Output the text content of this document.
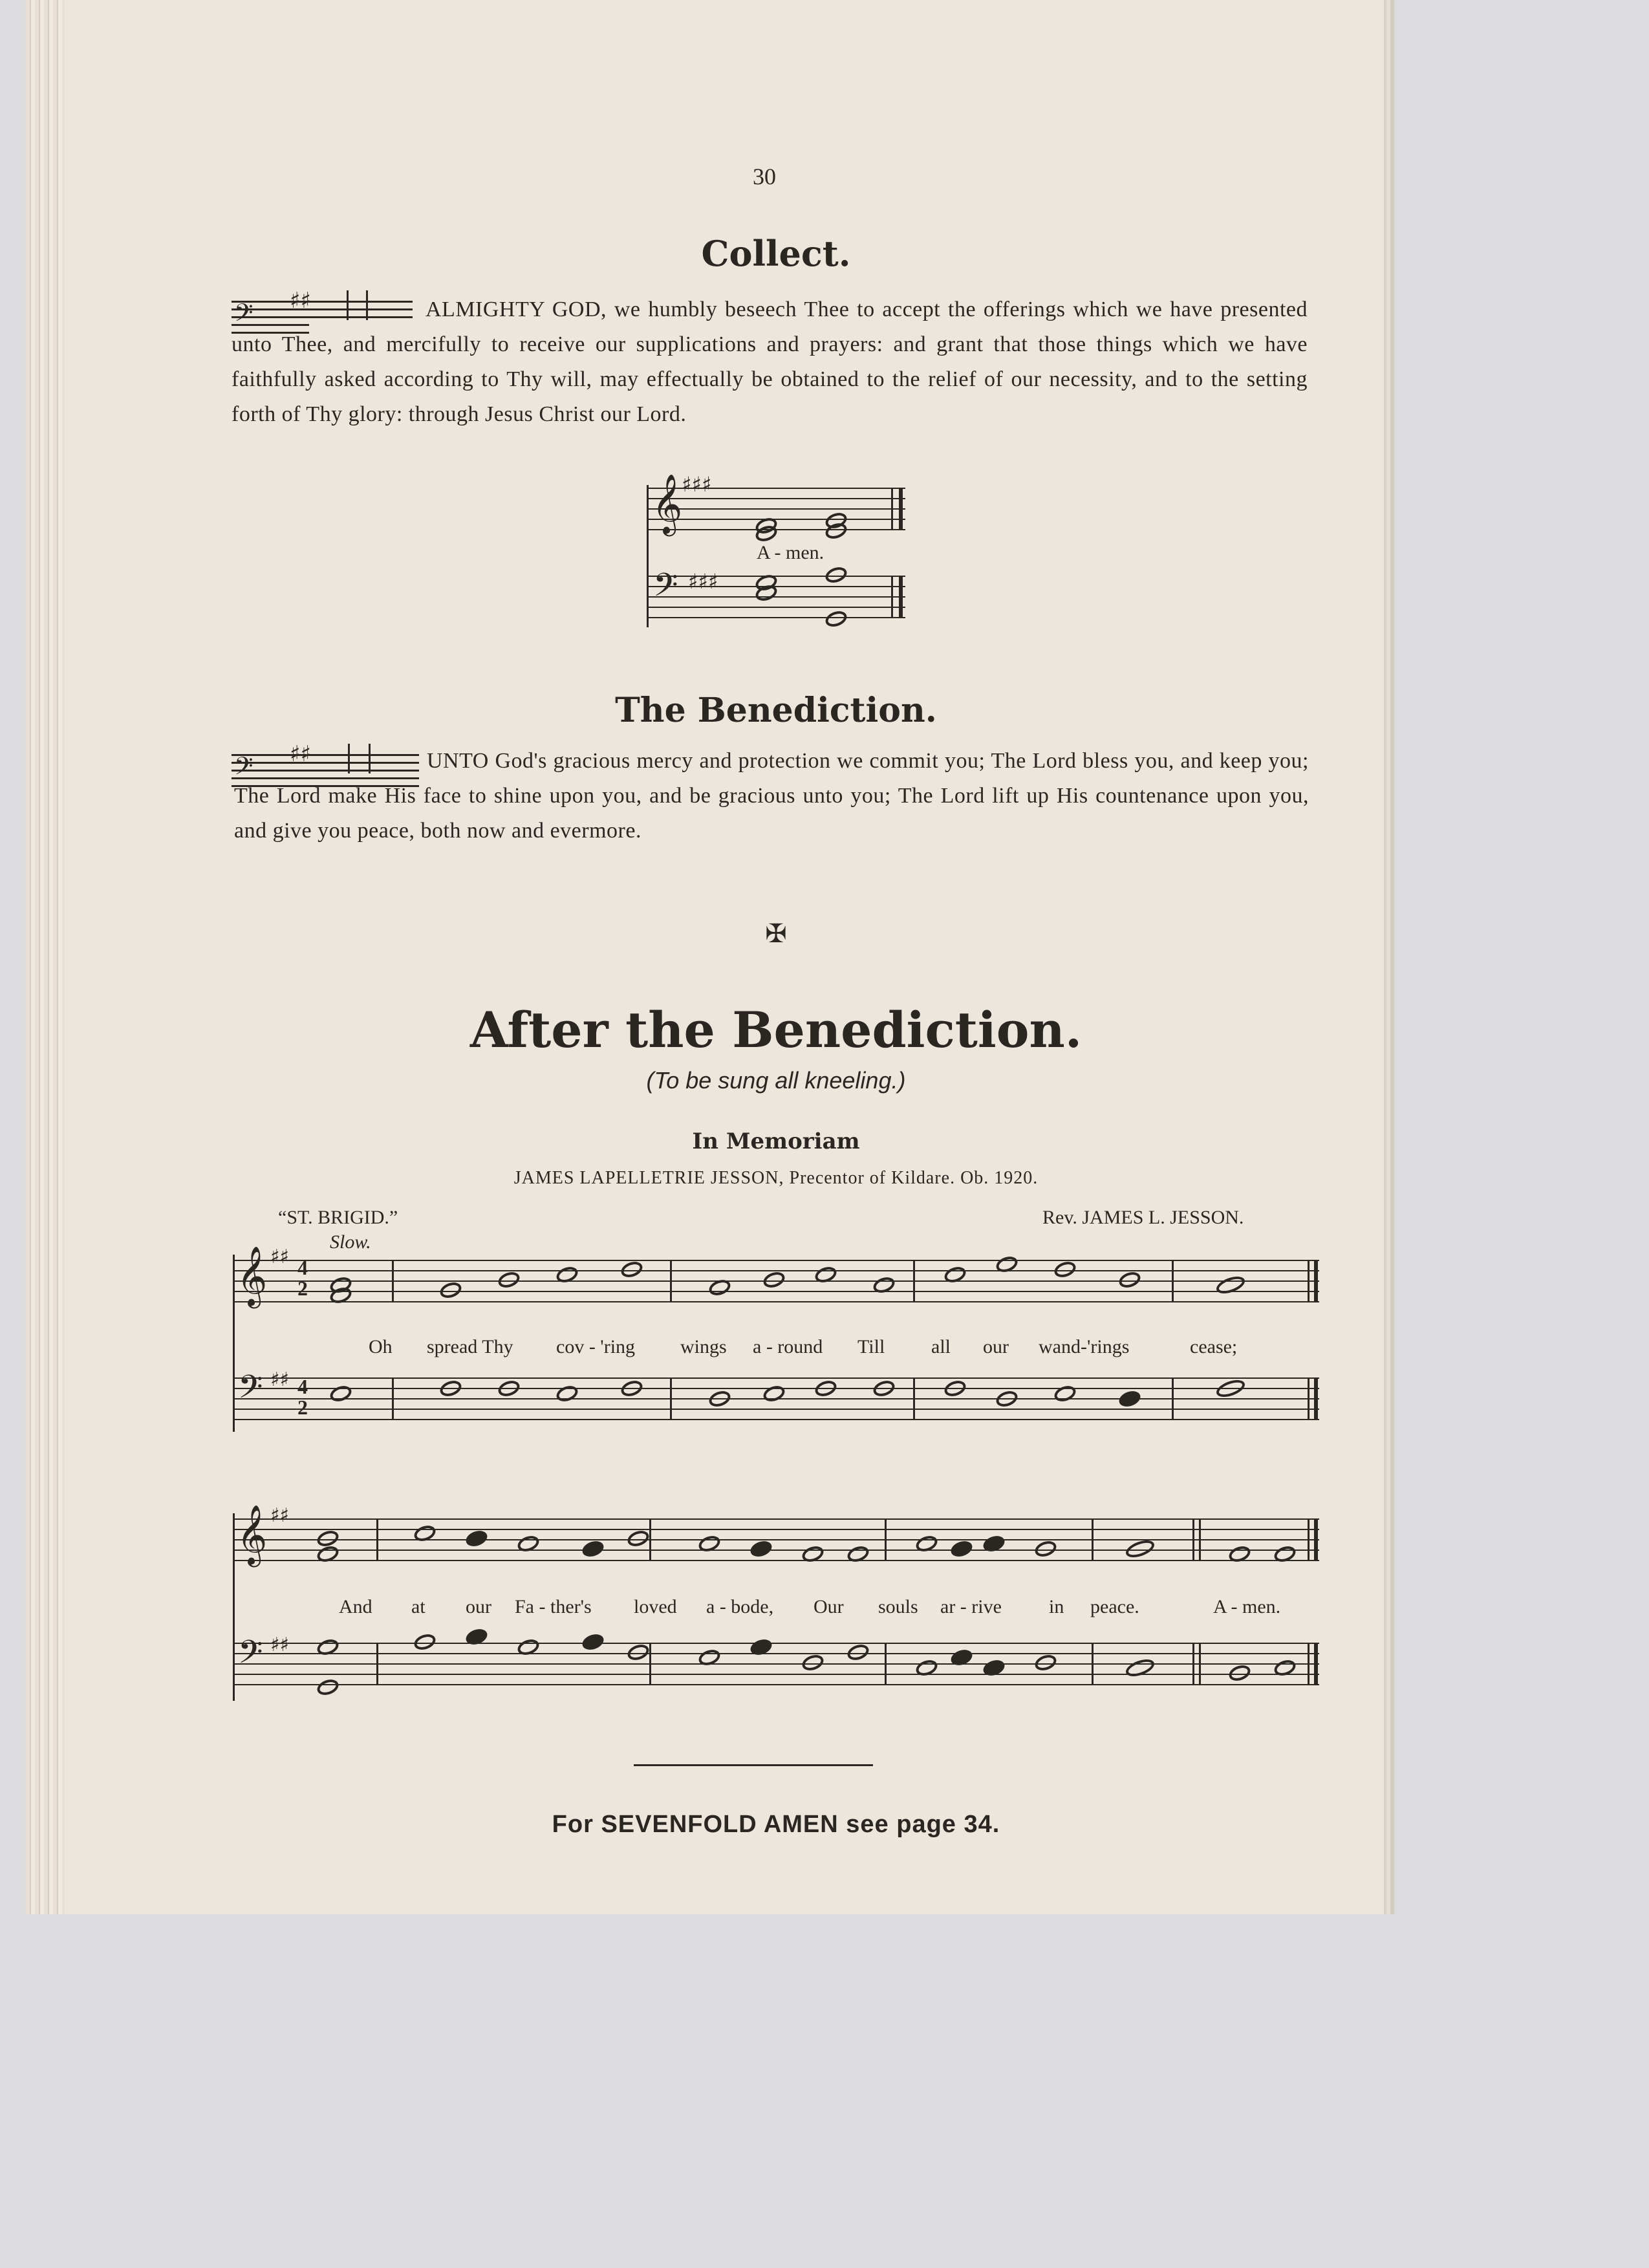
30
Collect.
𝄢 ♯♯	ALMIGHTY GOD, we humbly beseech Thee to accept the offerings which we have presented unto Thee, and mercifully to receive our supplications and prayers: and grant that those things which we have faithfully asked according to Thy will, may effectually be obtained to the relief of our necessity, and to the setting forth of Thy glory: through Jesus Christ our Lord.
𝄞
♯♯♯
A - men.
𝄢 ♯♯♯
The Benediction.
𝄢 ♯♯	UNTO God's gracious mercy and protection we commit you; The Lord bless you, and keep you; The Lord make His face to shine upon you, and be gracious unto you; The Lord lift up His countenance upon you, and give you peace, both now and evermore.
✠
After the Benediction.
(To be sung all kneeling.)
In Memoriam
JAMES LAPELLETRIE JESSON, Precentor of Kildare. Ob. 1920.
“ST. BRIGID.”
Slow.
Rev. JAMES L. JESSON.
𝄞 ♯♯ 4
2
𝄢 ♯♯ 4
2
Oh spread Thy cov - 'ring wings a - round Till all our wand-'rings	cease;
𝄞 ♯♯
𝄢 ♯♯
And at our Fa - ther's loved a - bode, Our souls ar - rive in peace.	A - men.
For SEVENFOLD AMEN see page 34.
